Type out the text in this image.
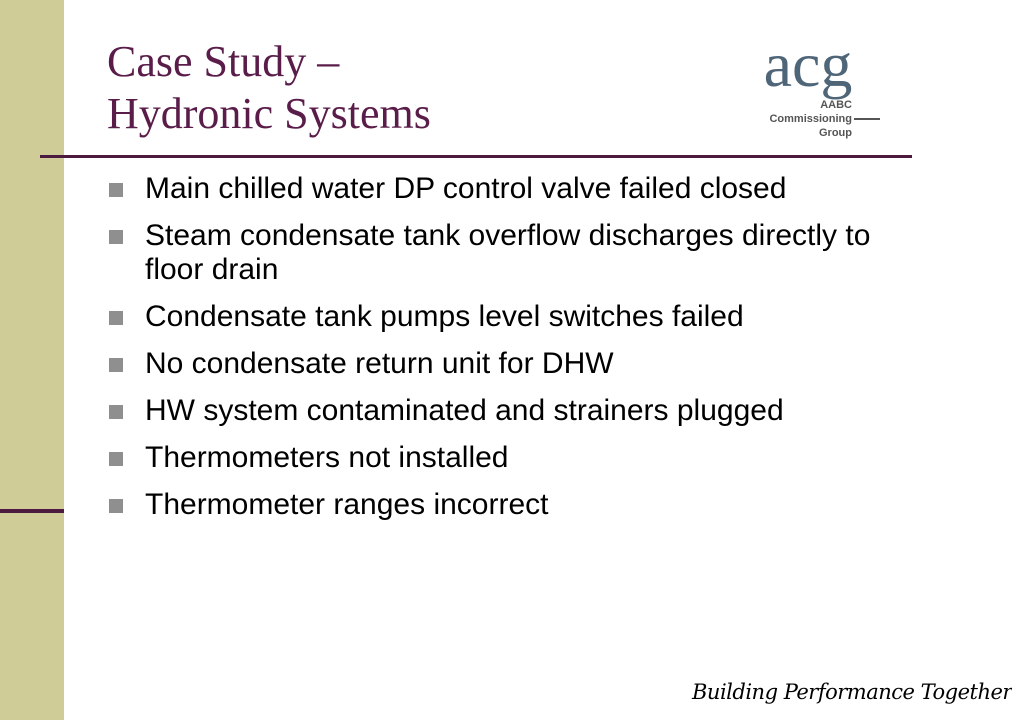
Case Study –
Hydronic Systems
acg
AABC
Commissioning
Group
Main chilled water DP control valve failed closed
Steam condensate tank overflow discharges directly to floor drain
Condensate tank pumps level switches failed
No condensate return unit for DHW
HW system contaminated and strainers plugged
Thermometers not installed
Thermometer ranges incorrect
Building Performance Together
